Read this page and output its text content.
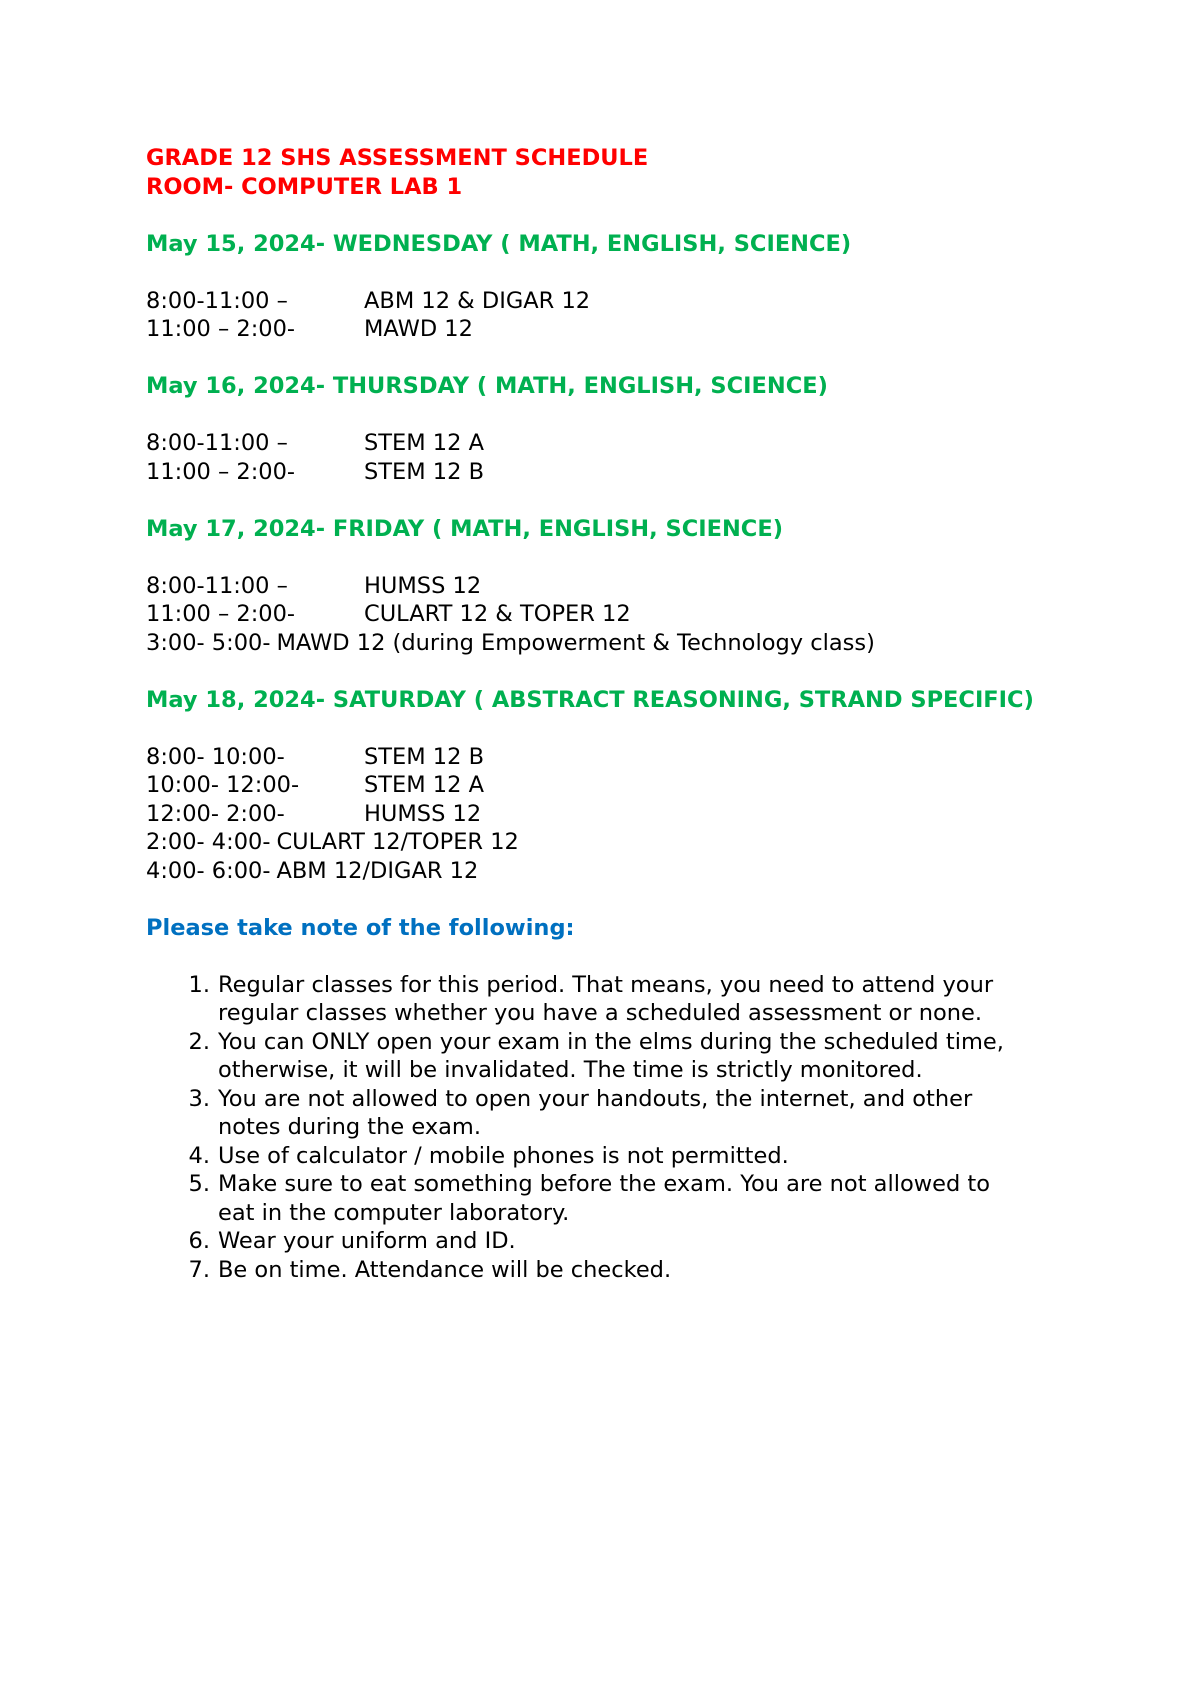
GRADE 12 SHS ASSESSMENT SCHEDULE

ROOM- COMPUTER LAB 1

May 15, 2024- WEDNESDAY ( MATH, ENGLISH, SCIENCE)

8:00-11:00 –	ABM 12 & DIGAR 12
11:00 – 2:00-	MAWD 12

May 16, 2024- THURSDAY ( MATH, ENGLISH, SCIENCE)

8:00-11:00 –	STEM 12 A
11:00 – 2:00-	STEM 12 B

May 17, 2024- FRIDAY ( MATH, ENGLISH, SCIENCE)

8:00-11:00 –	HUMSS 12
11:00 – 2:00-	CULART 12 & TOPER 12
3:00- 5:00- MAWD 12 (during Empowerment & Technology class)

May 18, 2024- SATURDAY ( ABSTRACT REASONING, STRAND SPECIFIC)

8:00- 10:00-	STEM 12 B
10:00- 12:00-	STEM 12 A
12:00- 2:00-	HUMSS 12
2:00- 4:00- CULART 12/TOPER 12
4:00- 6:00- ABM 12/DIGAR 12

Please take note of the following:

1. Regular classes for this period. That means, you need to attend your regular classes whether you have a scheduled assessment or none.
2. You can ONLY open your exam in the elms during the scheduled time, otherwise, it will be invalidated. The time is strictly monitored.
3. You are not allowed to open your handouts, the internet, and other notes during the exam.
4. Use of calculator / mobile phones is not permitted.
5. Make sure to eat something before the exam. You are not allowed to eat in the computer laboratory.
6. Wear your uniform and ID.
7. Be on time. Attendance will be checked.
